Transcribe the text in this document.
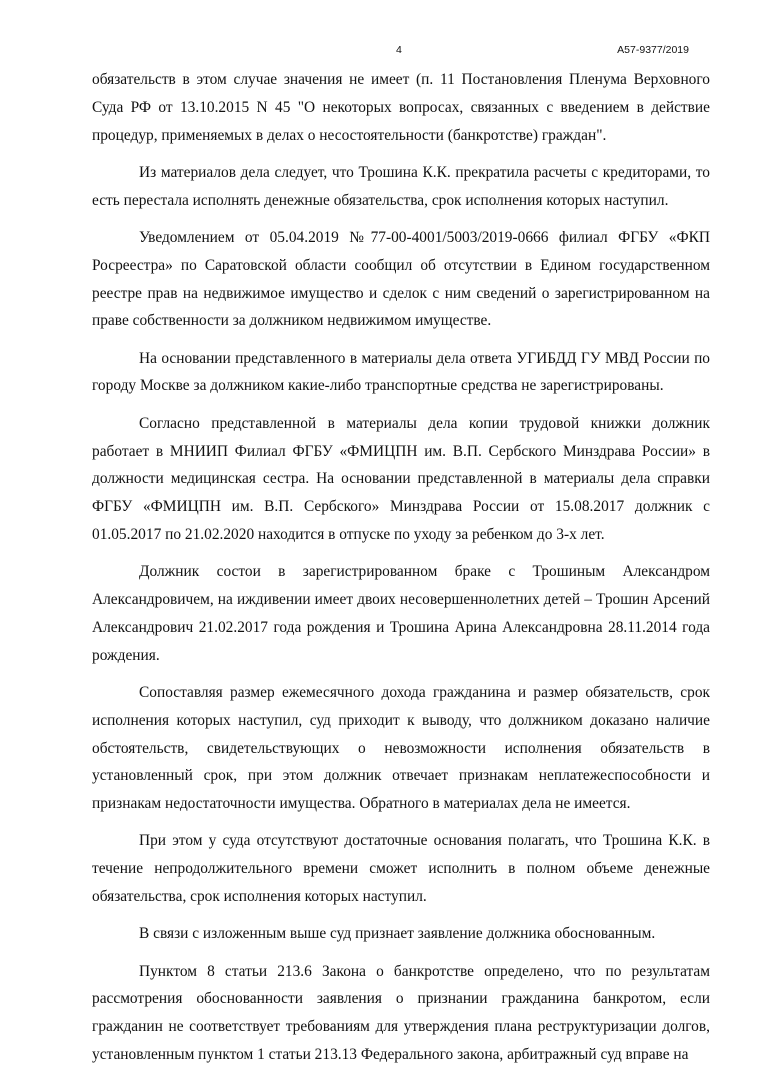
4	А57-9377/2019

обязательств в этом случае значения не имеет (п. 11 Постановления Пленума Верховного Суда РФ от 13.10.2015 N 45 "О некоторых вопросах, связанных с введением в действие процедур, применяемых в делах о несостоятельности (банкротстве) граждан".

Из материалов дела следует, что Трошина К.К. прекратила расчеты с кредиторами, то есть перестала исполнять денежные обязательства, срок исполнения которых наступил.

Уведомлением от 05.04.2019 №77-00-4001/5003/2019-0666 филиал ФГБУ «ФКП Росреестра» по Саратовской области сообщил об отсутствии в Едином государственном реестре прав на недвижимое имущество и сделок с ним сведений о зарегистрированном на праве собственности за должником недвижимом имуществе.

На основании представленного в материалы дела ответа УГИБДД ГУ МВД России по городу Москве за должником какие-либо транспортные средства не зарегистрированы.

Согласно представленной в материалы дела копии трудовой книжки должник работает в МНИИП Филиал ФГБУ «ФМИЦПН им. В.П. Сербского Минздрава России» в должности медицинская сестра. На основании представленной в материалы дела справки ФГБУ «ФМИЦПН им. В.П. Сербского» Минздрава России от 15.08.2017 должник с 01.05.2017 по 21.02.2020 находится в отпуске по уходу за ребенком до 3-х лет.

Должник состои в зарегистрированном браке с Трошиным Александром Александровичем, на иждивении имеет двоих несовершеннолетних детей – Трошин Арсений Александрович 21.02.2017 года рождения и Трошина Арина Александровна 28.11.2014 года рождения.

Сопоставляя размер ежемесячного дохода гражданина и размер обязательств, срок исполнения которых наступил, суд приходит к выводу, что должником доказано наличие обстоятельств, свидетельствующих о невозможности исполнения обязательств в установленный срок, при этом должник отвечает признакам неплатежеспособности и признакам недостаточности имущества. Обратного в материалах дела не имеется.

При этом у суда отсутствуют достаточные основания полагать, что Трошина К.К. в течение непродолжительного времени сможет исполнить в полном объеме денежные обязательства, срок исполнения которых наступил.

В связи с изложенным выше суд признает заявление должника обоснованным.

Пунктом 8 статьи 213.6 Закона о банкротстве определено, что по результатам рассмотрения обоснованности заявления о признании гражданина банкротом, если гражданин не соответствует требованиям для утверждения плана реструктуризации долгов, установленным пунктом 1 статьи 213.13 Федерального закона, арбитражный суд вправе на
